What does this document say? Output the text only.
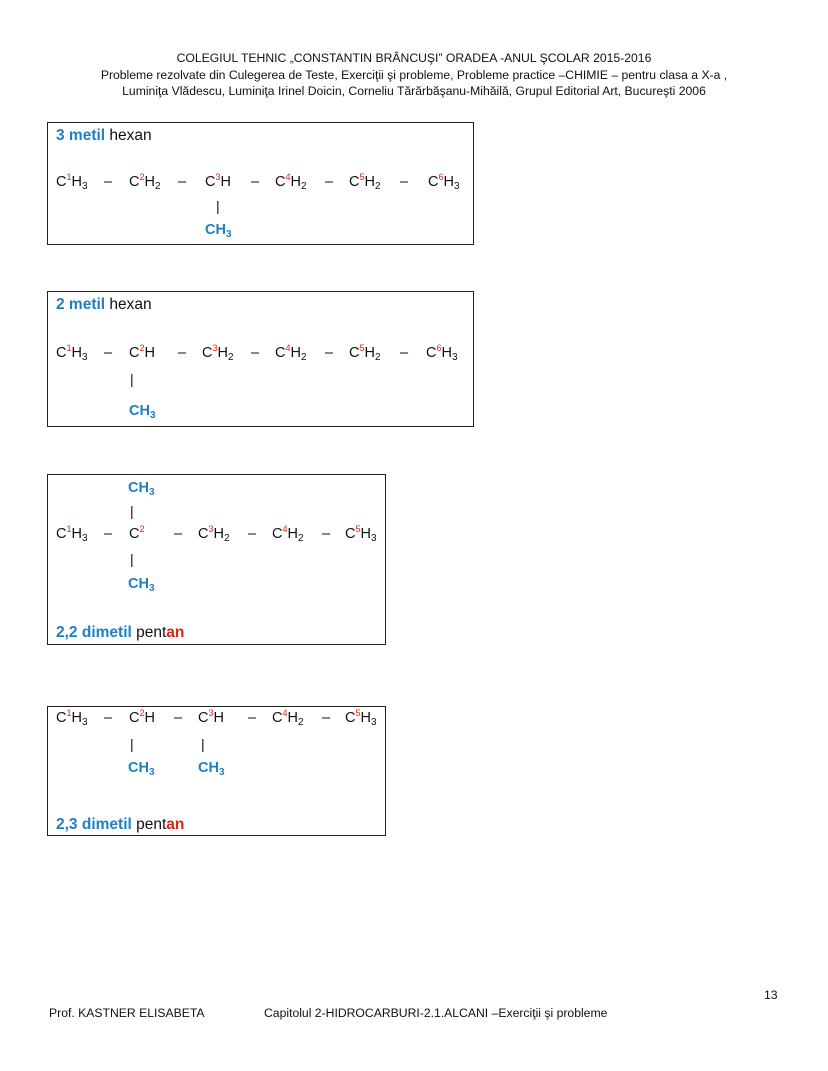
COLEGIUL TEHNIC „CONSTANTIN BRÂNCUŞI” ORADEA -ANUL ŞCOLAR 2015-2016
Probleme rezolvate din Culegerea de Teste, Exerciţii şi probleme, Probleme practice –CHIMIE – pentru clasa a X-a ,
Luminiţa Vlădescu, Luminiţa Irinel Doicin, Corneliu Tărărbăşanu-Mihăilă, Grupul Editorial Art, Bucureşti 2006
3 metil hexan
$C^1H_3 - C^2H_2 - C^3H - C^4H_2 - C^5H_2 - C^6H_3$
|
$CH_3$
2 metil hexan
$C^1H_3 - C^2H - C^3H_2 - C^4H_2 - C^5H_2 - C^6H_3$
|
$CH_3$
$CH_3$
|
$C^1H_3 - C^2 - C^3H_2 - C^4H_2 - C^5H_3$
|
$CH_3$
2,2 dimetil pentan
$C^1H_3 - C^2H - C^3H - C^4H_2 - C^5H_3$
|	|
$CH_3$	$CH_3$
2,3 dimetil pentan
13
Prof. KASTNER ELISABETA	Capitolul 2-HIDROCARBURI-2.1.ALCANI –Exerciţii şi probleme
